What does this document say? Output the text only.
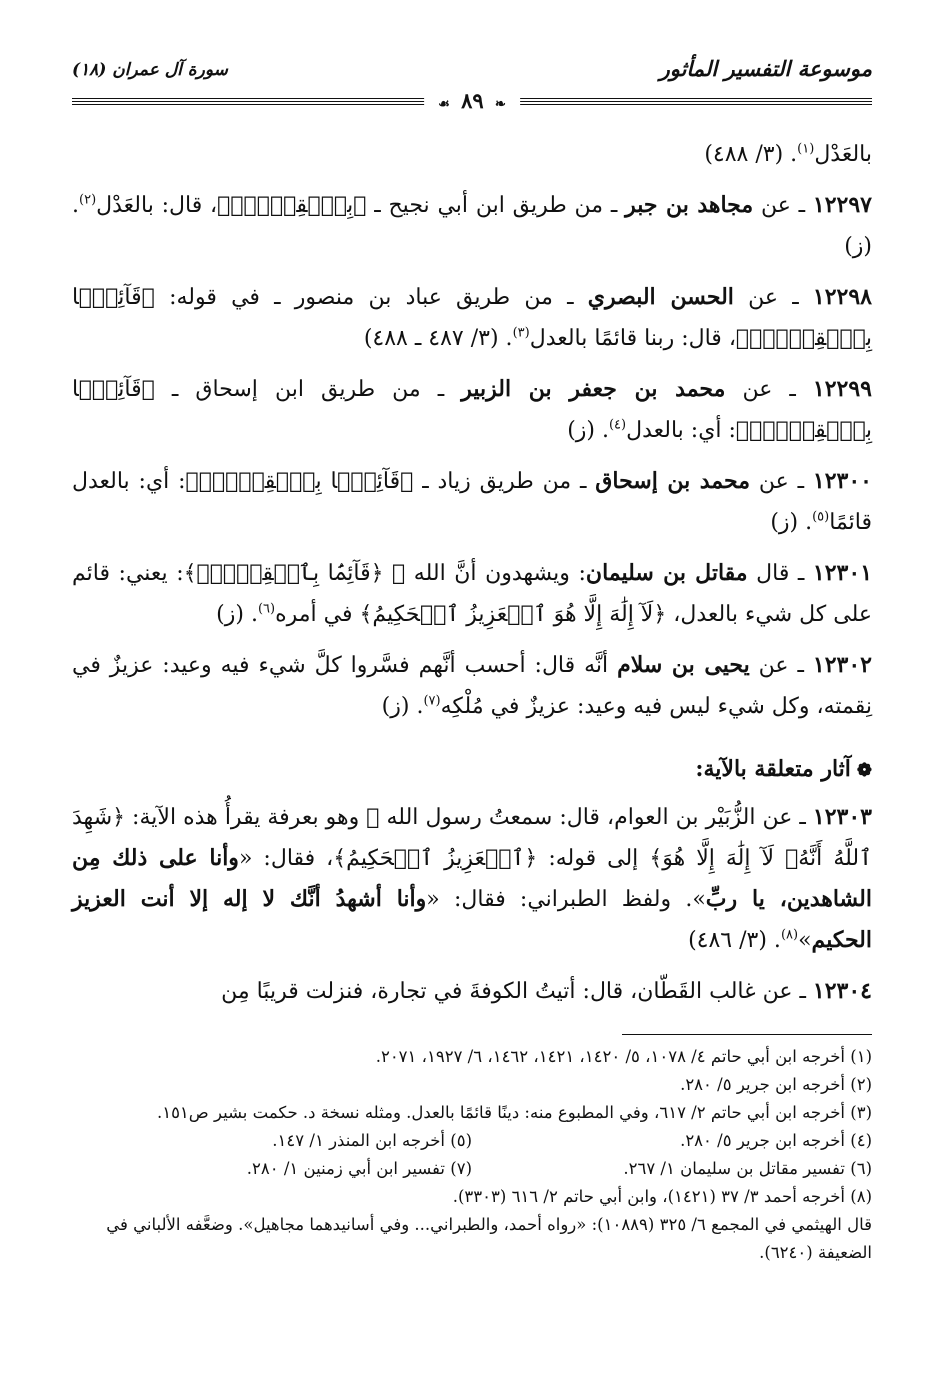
موسوعة التفسير المأثور
سورة آل عمران (١٨)
❧ ٨٩ ☙

بالعَدْل$^{(١)}$. (٣/ ٤٨٨)

١٢٢٩٧ ـ عن مجاهد بن جبر ـ من طريق ابن أبي نجيح ـ ﴿بِٱلۡقِسۡطِۚ﴾، قال: بالعَدْل$^{(٢)}$. (ز)

١٢٢٩٨ ـ عن الحسن البصري ـ من طريق عباد بن منصور ـ في قوله: ﴿قَآئِمَۢا بِٱلۡقِسۡطِۚ﴾، قال: ربنا قائمًا بالعدل$^{(٣)}$. (٣/ ٤٨٧ ـ ٤٨٨)

١٢٢٩٩ ـ عن محمد بن جعفر بن الزبير ـ من طريق ابن إسحاق ـ ﴿قَآئِمَۢا بِٱلۡقِسۡطِۚ﴾: أي: بالعدل$^{(٤)}$. (ز)

١٢٣٠٠ ـ عن محمد بن إسحاق ـ من طريق زياد ـ ﴿قَآئِمَۢا بِٱلۡقِسۡطِۚ﴾: أي: بالعدل قائمًا$^{(٥)}$. (ز)

١٢٣٠١ ـ قال مقاتل بن سليمان: ويشهدون أنَّ الله ﷻ ﴿قَآئِمَۢا بِٱلۡقِسۡطِۚ﴾: يعني: قائم على كل شيء بالعدل، ﴿لَآ إِلَٰهَ إِلَّا هُوَ ٱلۡعَزِيزُ ٱلۡحَكِيمُ﴾ في أمره$^{(٦)}$. (ز)

١٢٣٠٢ ـ عن يحيى بن سلام أنَّه قال: أحسب أنَّهم فسَّروا كلَّ شيء فيه وعيد: عزيزٌ في نِقمته، وكل شيء ليس فيه وعيد: عزيزٌ في مُلْكِه$^{(٧)}$. (ز)

❁آثار متعلقة بالآية:

١٢٣٠٣ ـ عن الزُّبَيْر بن العوام، قال: سمعتُ رسول الله ﷺ وهو بعرفة يقرأُ هذه الآية: ﴿شَهِدَ ٱللَّهُ أَنَّهُۥ لَآ إِلَٰهَ إِلَّا هُوَ﴾ إلى قوله: ﴿ٱلۡعَزِيزُ ٱلۡحَكِيمُ﴾، فقال: «وأنا على ذلك مِن الشاهدين، يا ربِّ». ولفظ الطبراني: فقال: «وأنا أشهدُ أنَّك لا إله إلا أنت العزيز الحكيم»$^{(٨)}$. (٣/ ٤٨٦)

١٢٣٠٤ ـ عن غالب القَطّان، قال: أتيتُ الكوفةَ في تجارة، فنزلت قريبًا مِن

(١) أخرجه ابن أبي حاتم ٤/ ١٠٧٨، ٥/ ١٤٢٠، ١٤٢١، ١٤٦٢، ٦/ ١٩٢٧، ٢٠٧١.

(٢) أخرجه ابن جرير ٥/ ٢٨٠.

(٣) أخرجه ابن أبي حاتم ٢/ ٦١٧، وفي المطبوع منه: دينًا قائمًا بالعدل. ومثله نسخة د. حكمت بشير ص١٥١.

(٤) أخرجه ابن جرير ٥/ ٢٨٠.

(٥) أخرجه ابن المنذر ١/ ١٤٧.

(٦) تفسير مقاتل بن سليمان ١/ ٢٦٧.

(٧) تفسير ابن أبي زمنين ١/ ٢٨٠.

(٨) أخرجه أحمد ٣/ ٣٧ (١٤٢١)، وابن أبي حاتم ٢/ ٦١٦ (٣٣٠٣).

قال الهيثمي في المجمع ٦/ ٣٢٥ (١٠٨٨٩): «رواه أحمد، والطبراني... وفي أسانيدهما مجاهيل». وضعَّفه الألباني في الضعيفة (٦٢٤٠).
